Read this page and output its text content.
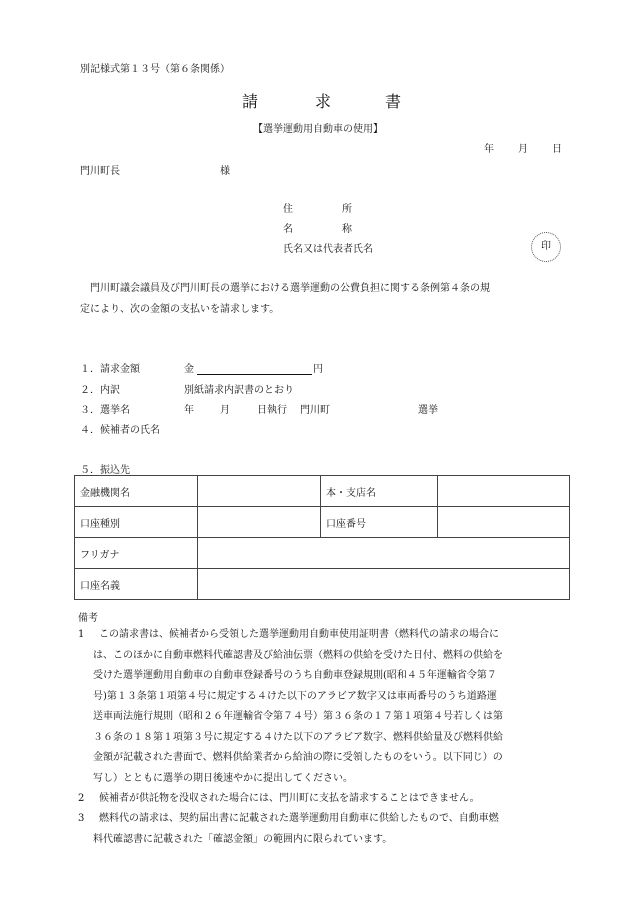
別記様式第１３号（第６条関係）
請	求	書
【選挙運動用自動車の使用】
年 月 日
門川町長	様
住	所
名	称
氏名又は代表者氏名	印
門川町議会議員及び門川町長の選挙における選挙運動の公費負担に関する条例第４条の規
定により、次の金額の支払いを請求します。
１．請求金額	金	円
２．内訳	別紙請求内訳書のとおり
３．選挙名	年	月	日執行 門川町	選挙
４．候補者の氏名
５．振込先
金融機関名		本・支店名	
口座種別		口座番号	
フリガナ			
口座名義			
備考
1	この請求書は、候補者から受領した選挙運動用自動車使用証明書（燃料代の請求の場合に
は、このほかに自動車燃料代確認書及び給油伝票（燃料の供給を受けた日付、燃料の供給を
受けた選挙運動用自動車の自動車登録番号のうち自動車登録規則(昭和４５年運輸省令第７
号)第１３条第１項第４号に規定する４けた以下のアラビア数字又は車両番号のうち道路運
送車両法施行規則（昭和２６年運輸省令第７４号）第３６条の１７第１項第４号若しくは第
３６条の１８第１項第３号に規定する４けた以下のアラビア数字、燃料供給量及び燃料供給
金額が記載された書面で、燃料供給業者から給油の際に受領したものをいう。以下同じ）の
写し）とともに選挙の期日後速やかに提出してください。
2	候補者が供託物を没収された場合には、門川町に支払を請求することはできません。
3	燃料代の請求は、契約届出書に記載された選挙運動用自動車に供給したもので、自動車燃
料代確認書に記載された「確認金額」の範囲内に限られています。
